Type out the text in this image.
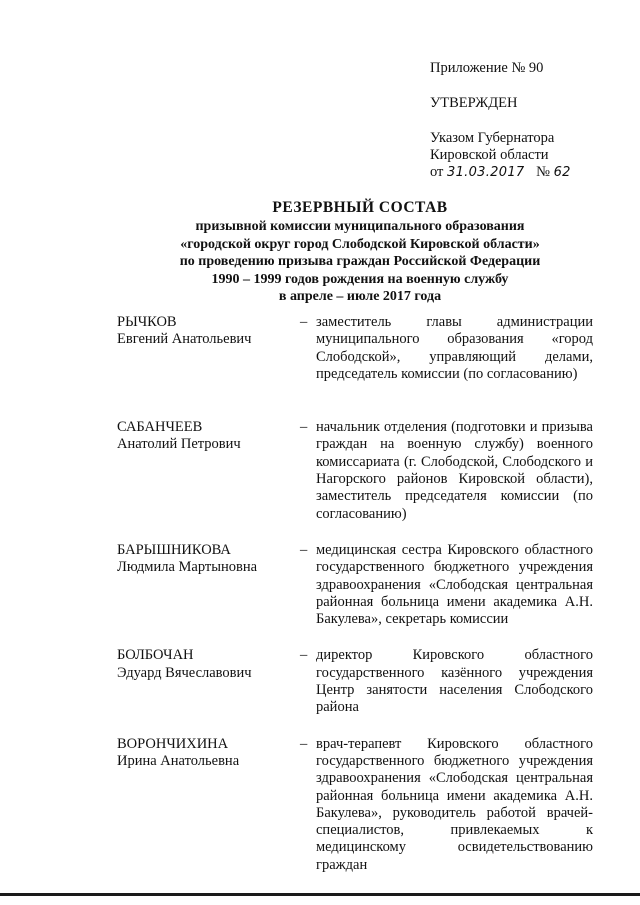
Приложение № 90
УТВЕРЖДЕН
Указом Губернатора
Кировской области
от 31.03.2017 № 62
РЕЗЕРВНЫЙ СОСТАВ
призывной комиссии муниципального образования
«городской округ город Слободской Кировской области»
по проведению призыва граждан Российской Федерации
1990 – 1999 годов рождения на военную службу
в апреле – июле 2017 года
РЫЧКОВ
Евгений Анатольевич
– заместитель главы администрации муниципального образования «город Слободской», управляющий делами, председатель комиссии (по согласованию)
САБАНЧЕЕВ
Анатолий Петрович
– начальник отделения (подготовки и призыва граждан на военную службу) военного комиссариата (г. Слободской, Слободского и Нагорского районов Кировской области), заместитель председателя комиссии (по согласованию)
БАРЫШНИКОВА
Людмила Мартыновна
– медицинская сестра Кировского областного государственного бюджетного учреждения здравоохранения «Слободская центральная районная больница имени академика А.Н. Бакулева», секретарь комиссии
БОЛБОЧАН
Эдуард Вячеславович
– директор Кировского областного государственного казённого учреждения Центр занятости населения Слободского района
ВОРОНЧИХИНА
Ирина Анатольевна
– врач-терапевт Кировского областного государственного бюджетного учреждения здравоохранения «Слободская центральная районная больница имени академика А.Н. Бакулева», руководитель работой врачей-специалистов, привлекаемых к медицинскому освидетельствованию граждан
